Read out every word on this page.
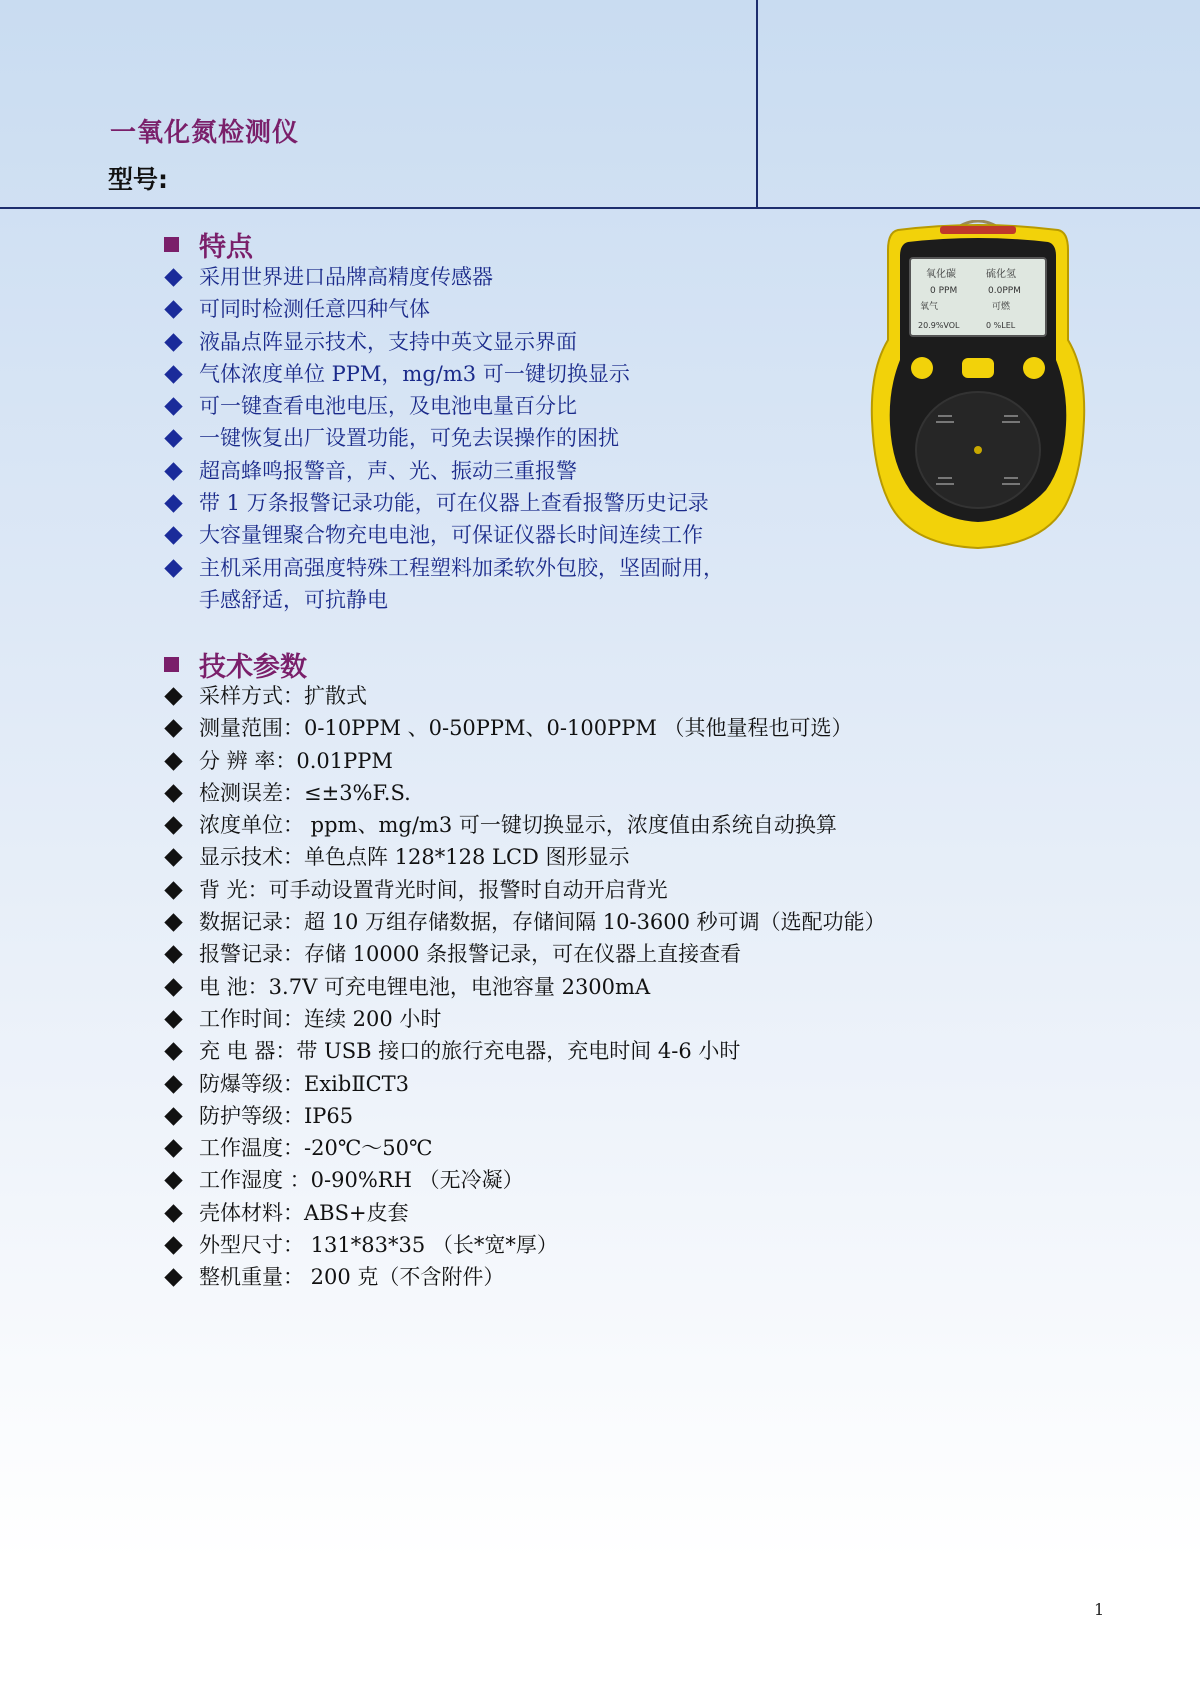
一氧化氮检测仪
型号:
特点
采用世界进口品牌高精度传感器
可同时检测任意四种气体
液晶点阵显示技术，支持中英文显示界面
气体浓度单位 PPM，mg/m3 可一键切换显示
可一键查看电池电压，及电池电量百分比
一键恢复出厂设置功能，可免去误操作的困扰
超高蜂鸣报警音，声、光、振动三重报警
带 1 万条报警记录功能，可在仪器上查看报警历史记录
大容量锂聚合物充电电池，可保证仪器长时间连续工作
主机采用高强度特殊工程塑料加柔软外包胶，坚固耐用，
手感舒适，可抗静电
技术参数
采样方式：扩散式
测量范围：0-10PPM 、0-50PPM、0-100PPM （其他量程也可选）
分 辨 率：0.01PPM
检测误差：≤±3%F.S.
浓度单位： ppm、mg/m3 可一键切换显示，浓度值由系统自动换算
显示技术：单色点阵 128*128 LCD 图形显示
背 光：可手动设置背光时间，报警时自动开启背光
数据记录：超 10 万组存储数据，存储间隔 10-3600 秒可调（选配功能）
报警记录：存储 10000 条报警记录，可在仪器上直接查看
电 池：3.7V 可充电锂电池，电池容量 2300mA
工作时间：连续 200 小时
充 电 器：带 USB 接口的旅行充电器，充电时间 4-6 小时
防爆等级：ExibⅡCT3
防护等级：IP65
工作温度：-20℃～50℃
工作湿度 ：0-90%RH （无冷凝）
壳体材料：ABS+皮套
外型尺寸： 131*83*35 （长*宽*厚）
整机重量： 200 克（不含附件）
氧化碳	硫化氢
0 PPM	0.0PPM
氧气	可燃
20.9%VOL	0 %LEL
1
